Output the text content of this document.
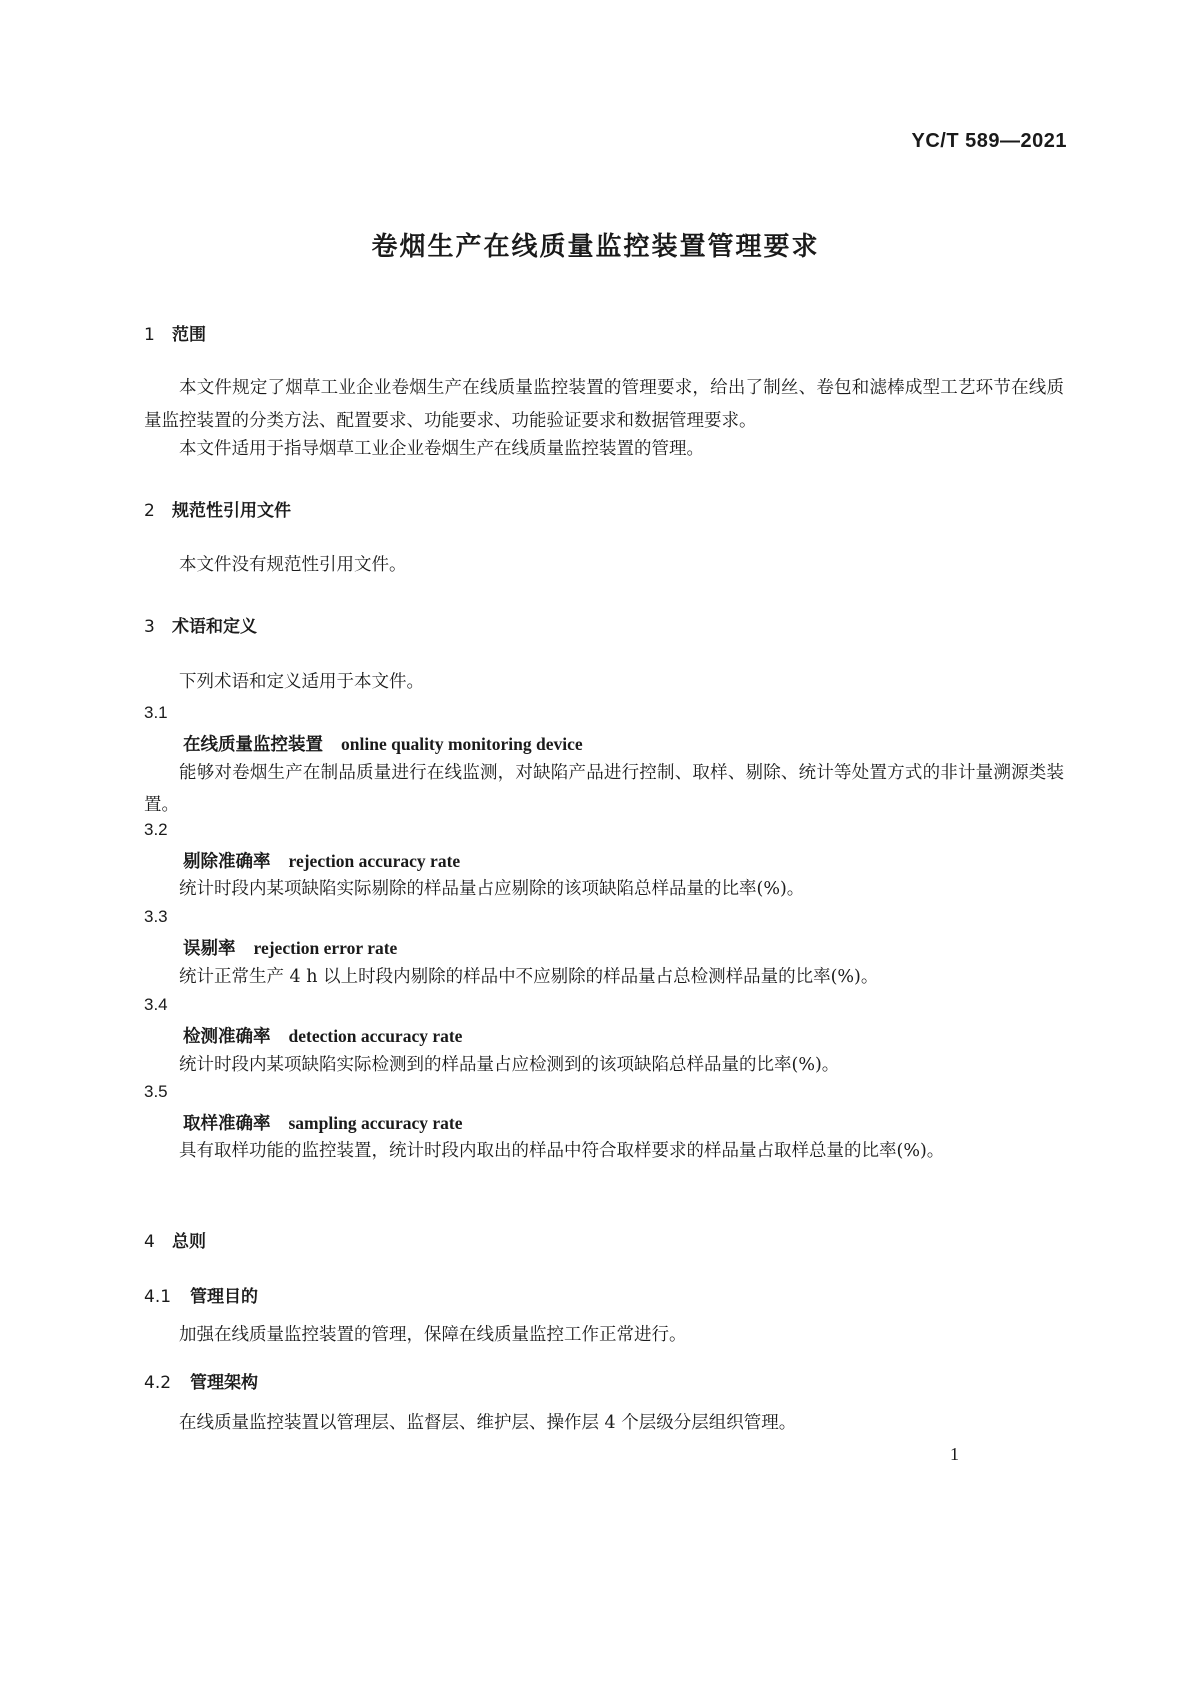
YC/T 589—2021
卷烟生产在线质量监控装置管理要求
1 范围
本文件规定了烟草工业企业卷烟生产在线质量监控装置的管理要求，给出了制丝、卷包和滤棒成型工艺环节在线质量监控装置的分类方法、配置要求、功能要求、功能验证要求和数据管理要求。
本文件适用于指导烟草工业企业卷烟生产在线质量监控装置的管理。
2 规范性引用文件
本文件没有规范性引用文件。
3 术语和定义
下列术语和定义适用于本文件。
3.1
在线质量监控装置 online quality monitoring device
能够对卷烟生产在制品质量进行在线监测，对缺陷产品进行控制、取样、剔除、统计等处置方式的非计量溯源类装置。
3.2
剔除准确率 rejection accuracy rate
统计时段内某项缺陷实际剔除的样品量占应剔除的该项缺陷总样品量的比率(%)。
3.3
误剔率 rejection error rate
统计正常生产 4 h 以上时段内剔除的样品中不应剔除的样品量占总检测样品量的比率(%)。
3.4
检测准确率 detection accuracy rate
统计时段内某项缺陷实际检测到的样品量占应检测到的该项缺陷总样品量的比率(%)。
3.5
取样准确率 sampling accuracy rate
具有取样功能的监控装置，统计时段内取出的样品中符合取样要求的样品量占取样总量的比率(%)。
4 总则
4.1 管理目的
加强在线质量监控装置的管理，保障在线质量监控工作正常进行。
4.2 管理架构
在线质量监控装置以管理层、监督层、维护层、操作层 4 个层级分层组织管理。
1
